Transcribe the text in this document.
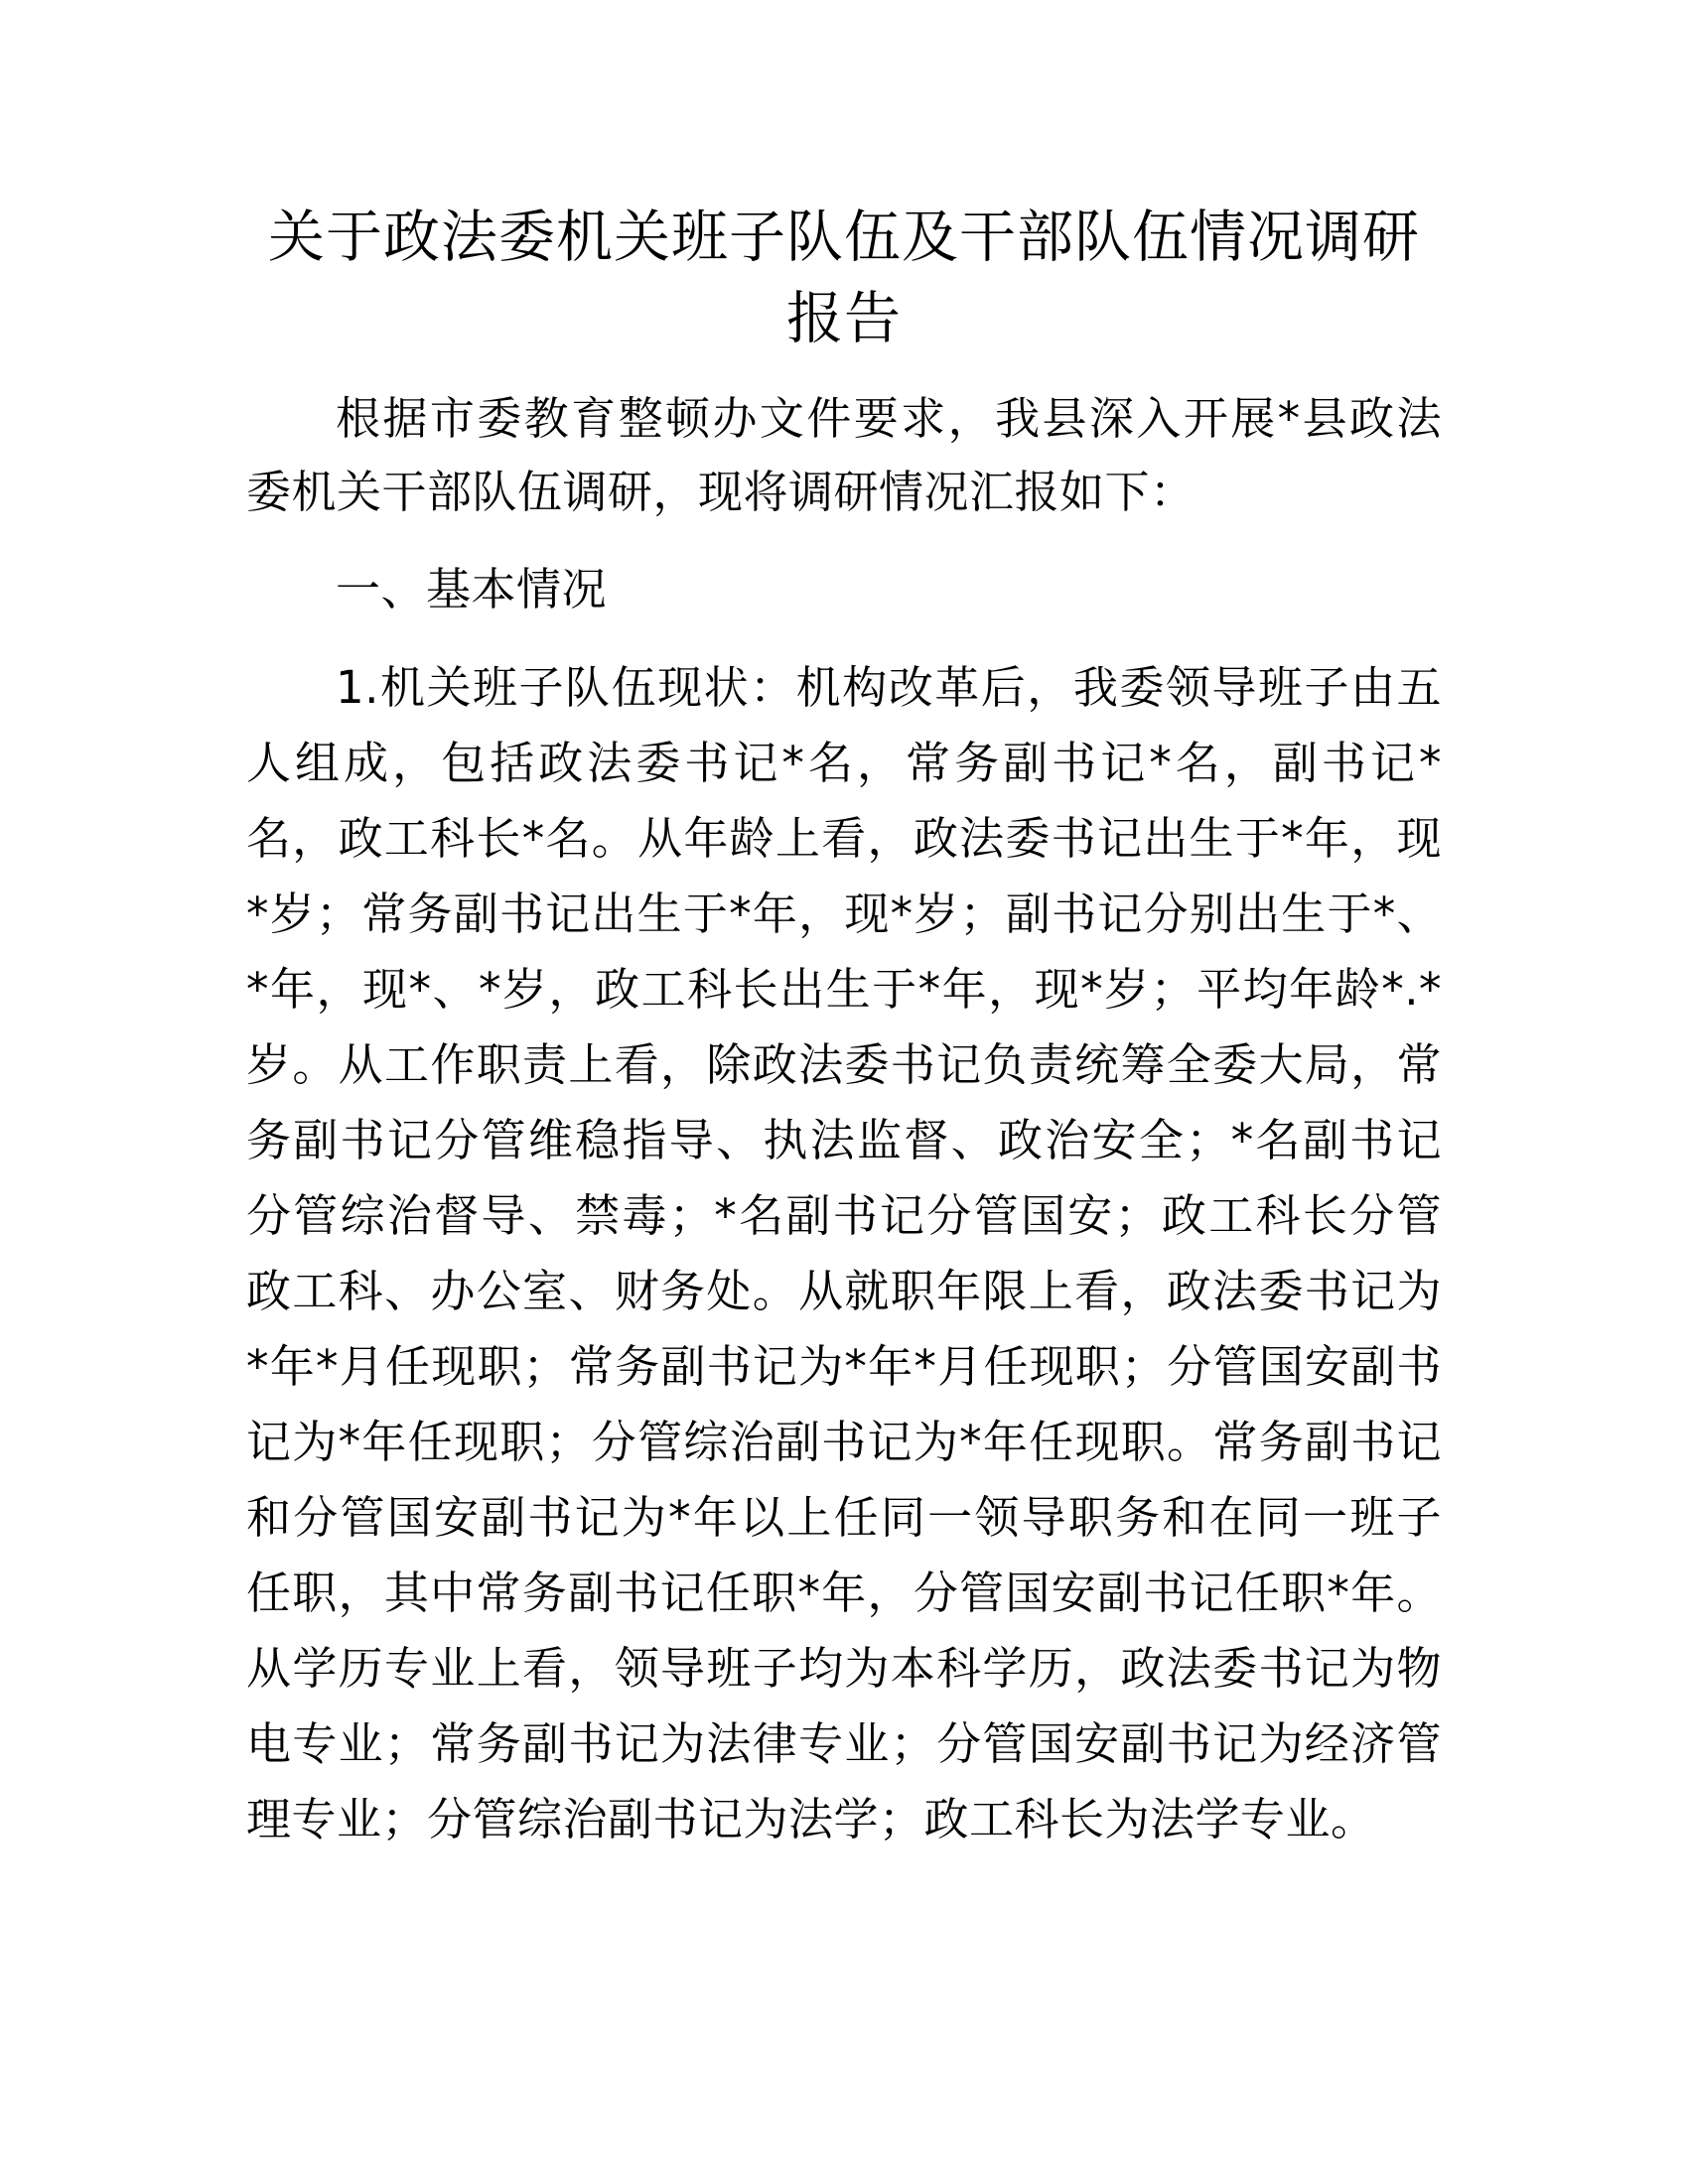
关于政法委机关班子队伍及干部队伍情况调研
报告

根据市委教育整顿办文件要求，我县深入开展*县政法委机关干部队伍调研，现将调研情况汇报如下：

一、基本情况

1.机关班子队伍现状：机构改革后，我委领导班子由五人组成，包括政法委书记*名，常务副书记*名，副书记*名，政工科长*名。从年龄上看，政法委书记出生于*年，现*岁；常务副书记出生于*年，现*岁；副书记分别出生于*、*年，现*、*岁，政工科长出生于*年，现*岁；平均年龄*.*岁。从工作职责上看，除政法委书记负责统筹全委大局，常务副书记分管维稳指导、执法监督、政治安全；*名副书记分管综治督导、禁毒；*名副书记分管国安；政工科长分管政工科、办公室、财务处。从就职年限上看，政法委书记为*年*月任现职；常务副书记为*年*月任现职；分管国安副书记为*年任现职；分管综治副书记为*年任现职。常务副书记和分管国安副书记为*年以上任同一领导职务和在同一班子任职，其中常务副书记任职*年，分管国安副书记任职*年。从学历专业上看，领导班子均为本科学历，政法委书记为物电专业；常务副书记为法律专业；分管国安副书记为经济管理专业；分管综治副书记为法学；政工科长为法学专业。
